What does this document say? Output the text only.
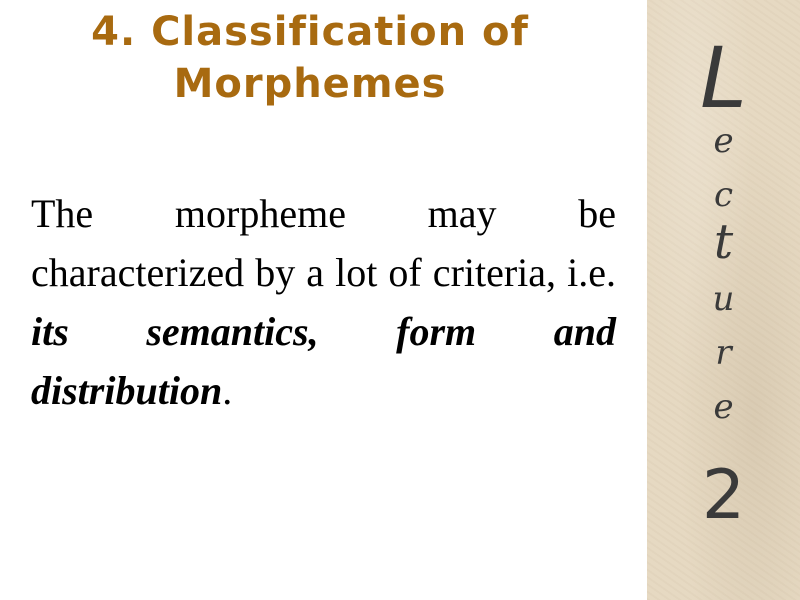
4. Classification of
Morphemes
The morpheme may be characterized by a lot of criteria, i.e. its semantics, form and distribution.
L
e
c
t
u
r
e
2
